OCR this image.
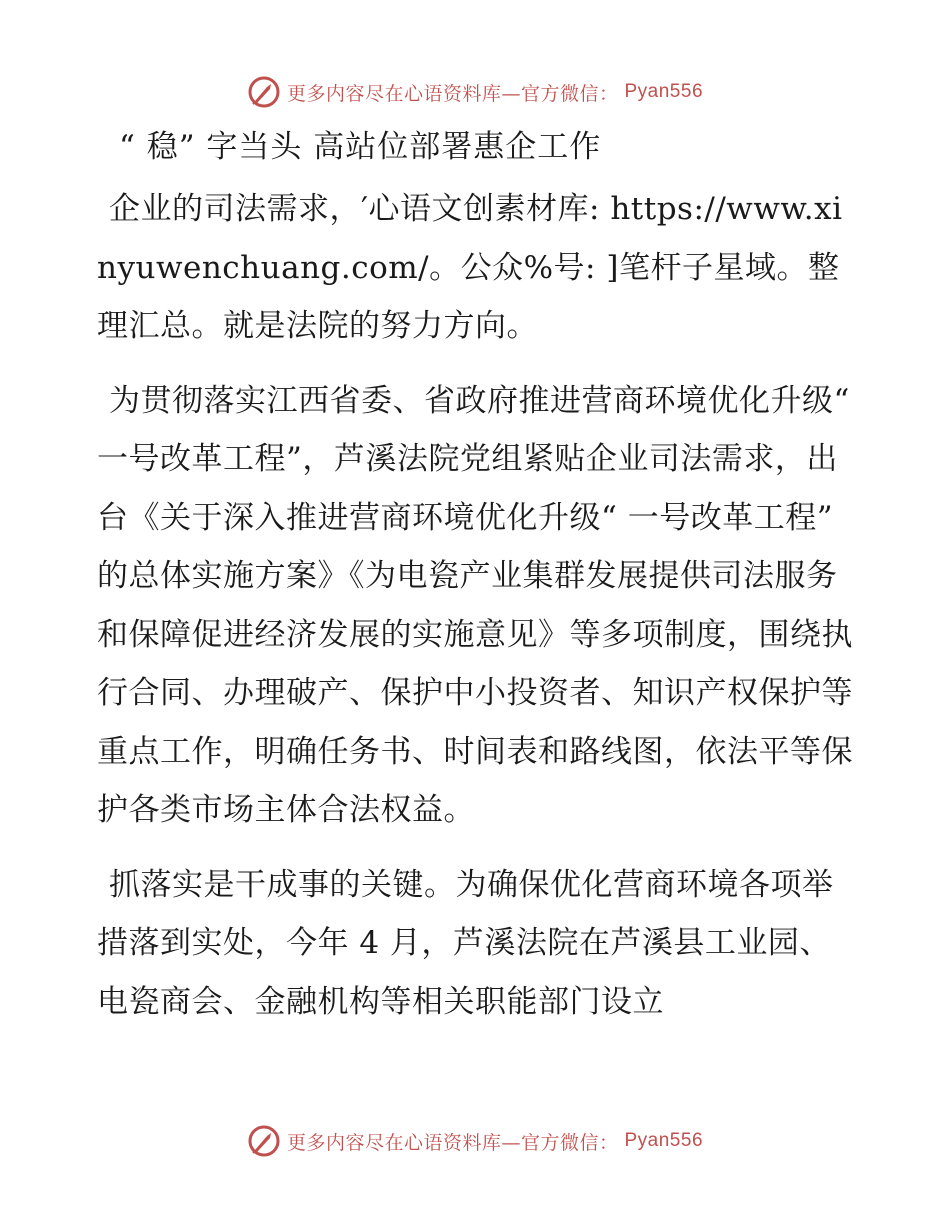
更多内容尽在心语资料库—官方微信： Pyan556
“ 稳” 字当头 高站位部署惠企工作

企业的司法需求，′心语文创素材库: https://www.xinyuwenchuang.com/。公众%号: ]笔杆子星域。整理汇总。就是法院的努力方向。

为贯彻落实江西省委、省政府推进营商环境优化升级“ 一号改革工程”，芦溪法院党组紧贴企业司法需求，出台《关于深入推进营商环境优化升级“ 一号改革工程” 的总体实施方案》《为电瓷产业集群发展提供司法服务和保障促进经济发展的实施意见》等多项制度，围绕执行合同、办理破产、保护中小投资者、知识产权保护等重点工作，明确任务书、时间表和路线图，依法平等保护各类市场主体合法权益。

抓落实是干成事的关键。为确保优化营商环境各项举措落到实处，今年 4 月，芦溪法院在芦溪县工业园、电瓷商会、金融机构等相关职能部门设立

更多内容尽在心语资料库—官方微信： Pyan556
